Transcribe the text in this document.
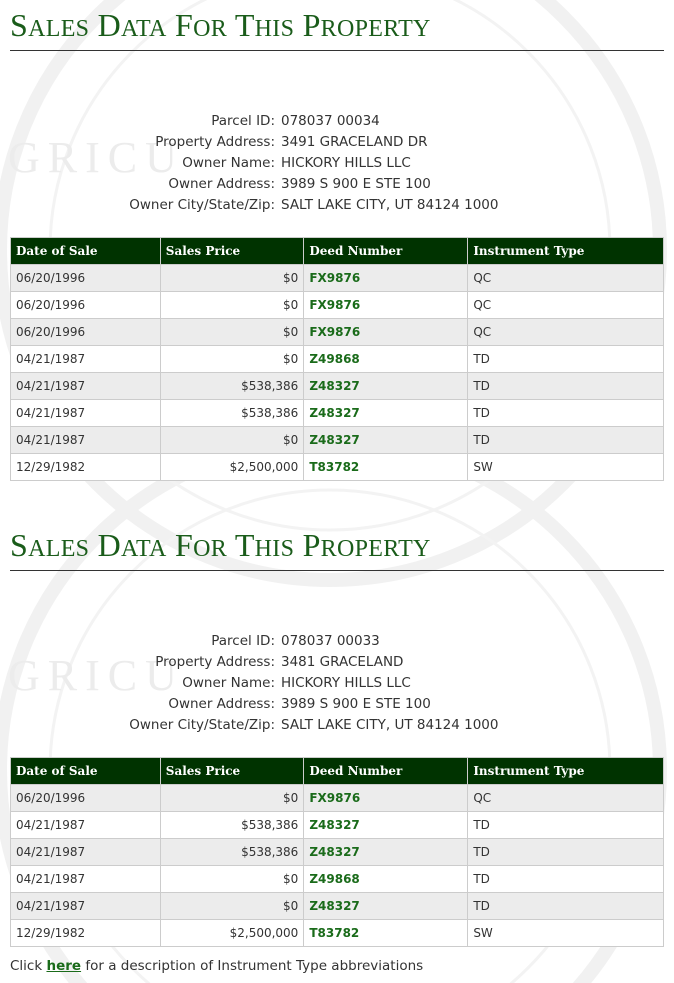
GRICU
GRICU
SALES DATA FOR THIS PROPERTY
Parcel ID: 078037 00034
Property Address: 3491 GRACELAND DR
Owner Name: HICKORY HILLS LLC
Owner Address: 3989 S 900 E STE 100
Owner City/State/Zip: SALT LAKE CITY, UT 84124 1000
Date of Sale	Sales Price	Deed Number	Instrument Type
06/20/1996	$0	FX9876	QC
06/20/1996	$0	FX9876	QC
06/20/1996	$0	FX9876	QC
04/21/1987	$0	Z49868	TD
04/21/1987	$538,386	Z48327	TD
04/21/1987	$538,386	Z48327	TD
04/21/1987	$0	Z48327	TD
12/29/1982	$2,500,000	T83782	SW
SALES DATA FOR THIS PROPERTY
Parcel ID: 078037 00033
Property Address: 3481 GRACELAND
Owner Name: HICKORY HILLS LLC
Owner Address: 3989 S 900 E STE 100
Owner City/State/Zip: SALT LAKE CITY, UT 84124 1000
Date of Sale	Sales Price	Deed Number	Instrument Type
06/20/1996	$0	FX9876	QC
04/21/1987	$538,386	Z48327	TD
04/21/1987	$538,386	Z48327	TD
04/21/1987	$0	Z49868	TD
04/21/1987	$0	Z48327	TD
12/29/1982	$2,500,000	T83782	SW
Click here for a description of Instrument Type abbreviations
